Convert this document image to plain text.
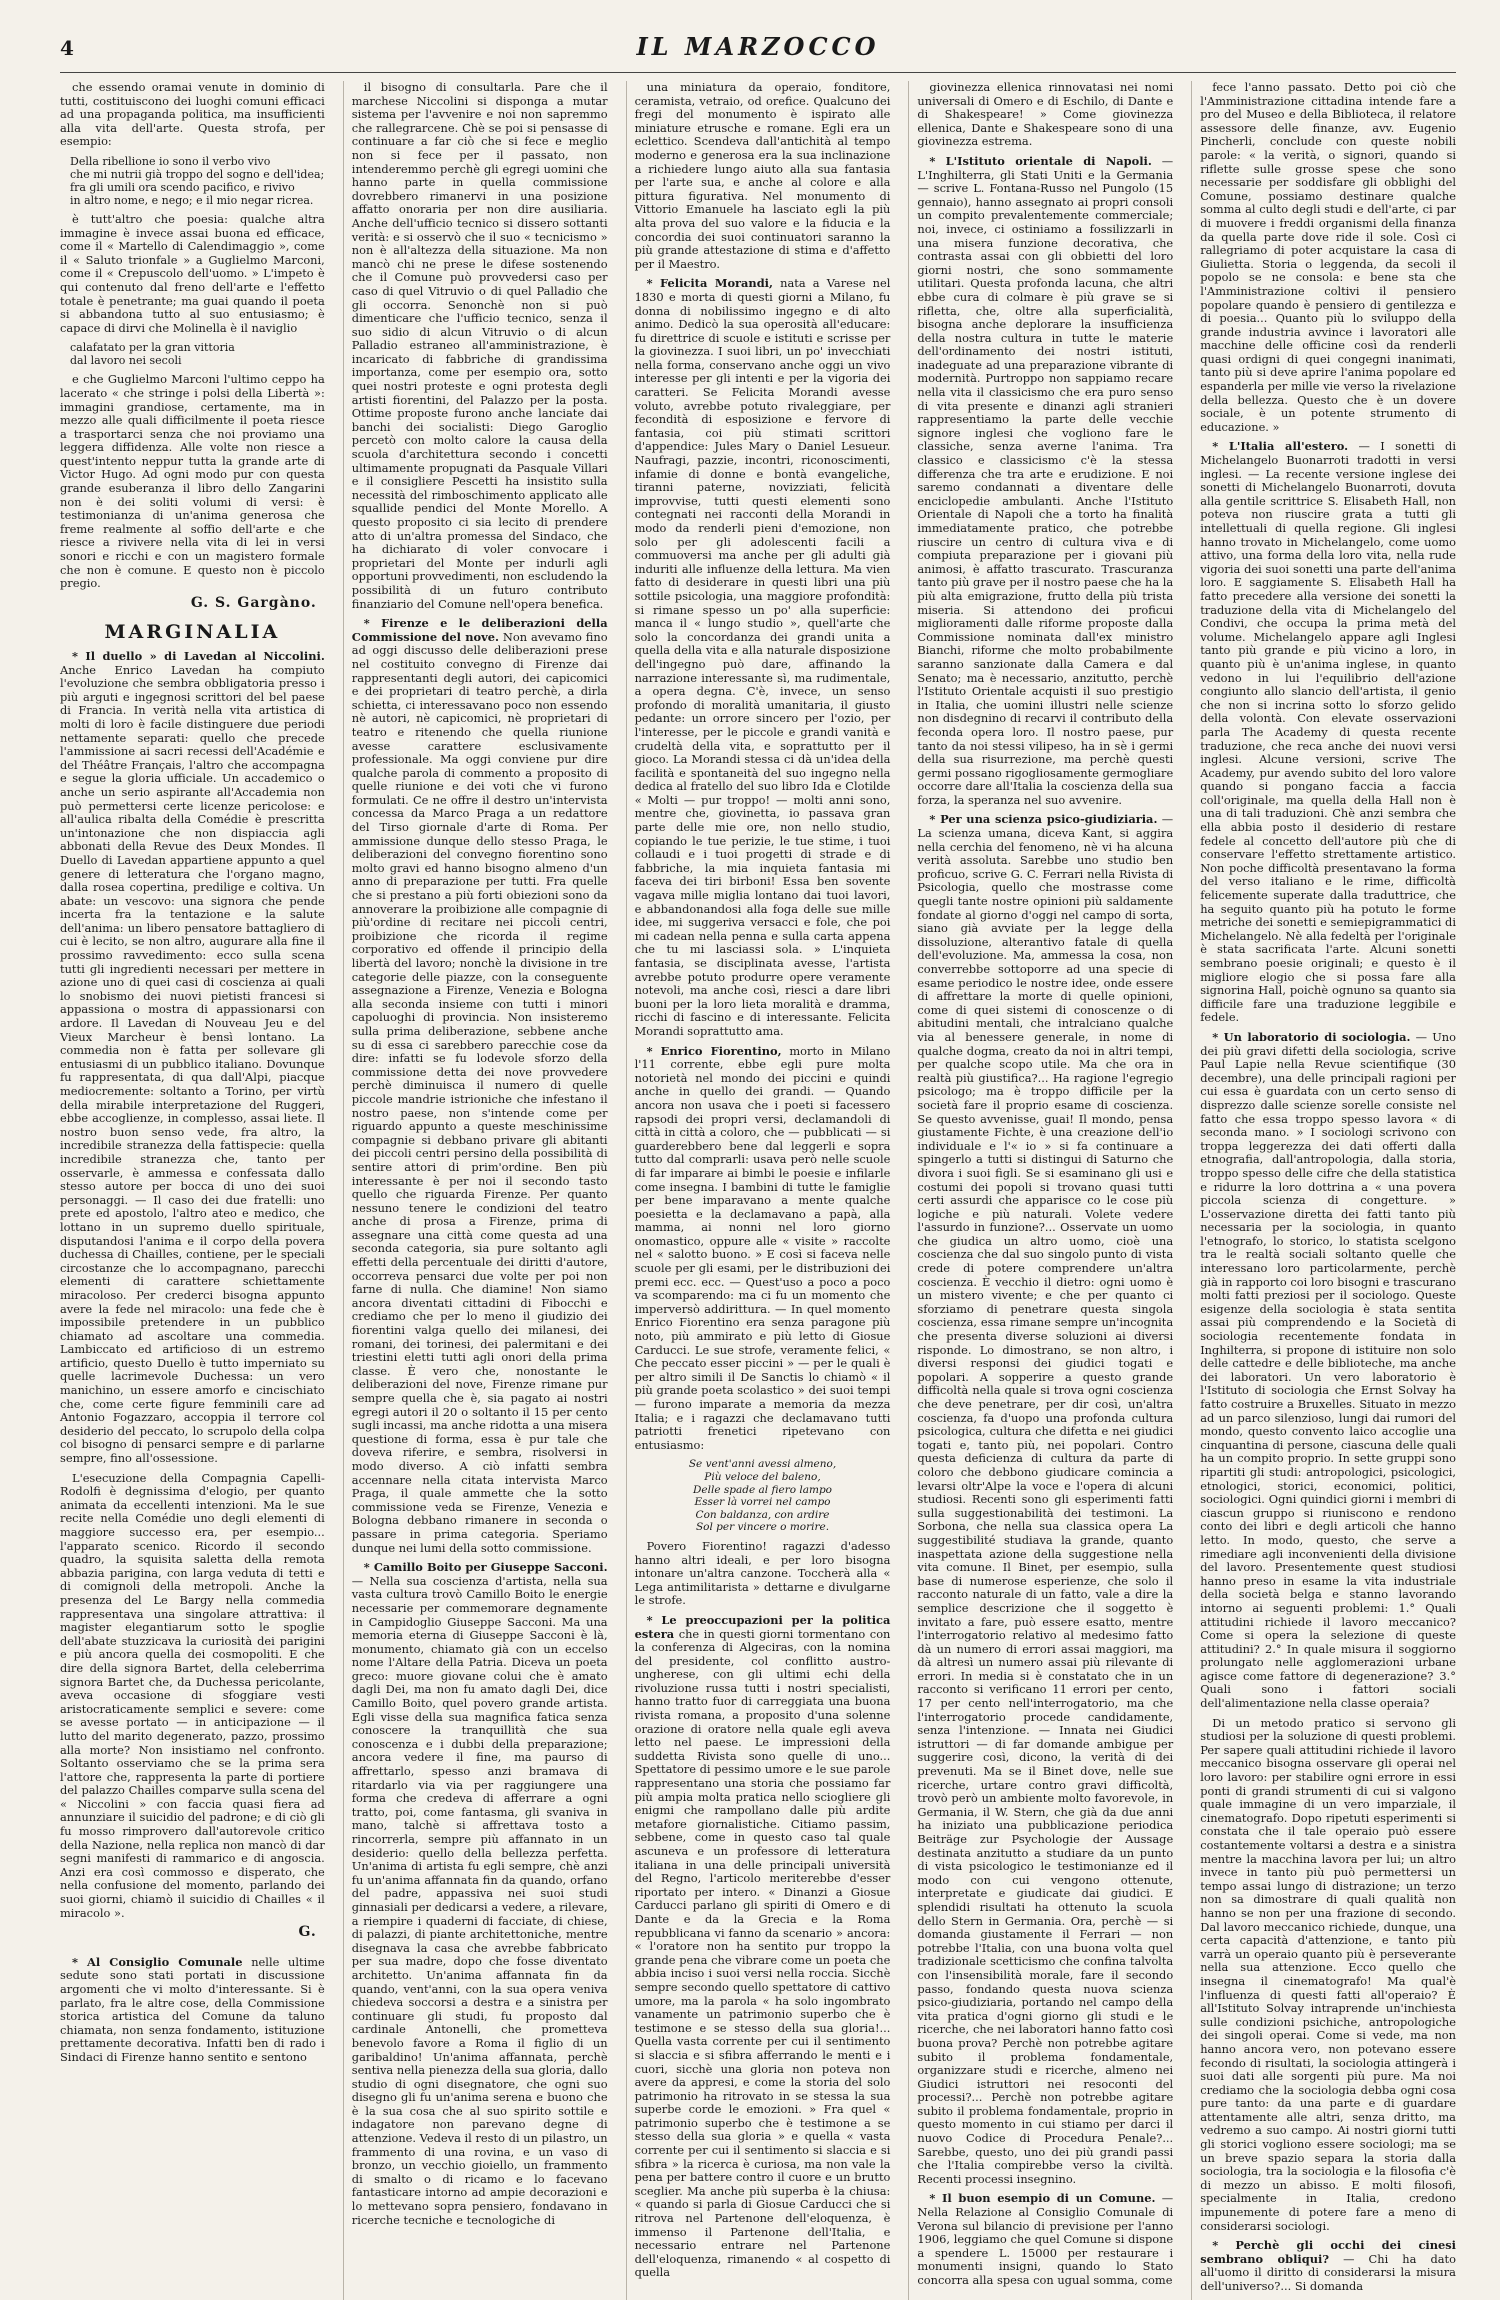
4	IL MARZOCCO

che essendo oramai venute in dominio di tutti, costituiscono dei luoghi comuni efficaci ad una propaganda politica, ma insufficienti alla vita dell'arte. Questa strofa, per esempio:

Della ribellione io sono il verbo vivo
che mi nutrii già troppo del sogno e dell'idea;
fra gli umili ora scendo pacifico, e rivivo
in altro nome, e nego; e il mio negar ricrea.

è tutt'altro che poesia: qualche altra immagine è invece assai buona ed efficace, come il « Martello di Calendimaggio », come il « Saluto trionfale » a Guglielmo Marconi, come il « Crepuscolo dell'uomo. » L'impeto è qui contenuto dal freno dell'arte e l'effetto totale è penetrante; ma guai quando il poeta si abbandona tutto al suo entusiasmo; è capace di dirvi che Molinella è il naviglio

calafatato per la gran vittoria
dal lavoro nei secoli

e che Guglielmo Marconi l'ultimo ceppo ha lacerato « che stringe i polsi della Libertà »: immagini grandiose, certamente, ma in mezzo alle quali difficilmente il poeta riesce a trasportarci senza che noi proviamo una leggera diffidenza. Alle volte non riesce a quest'intento neppur tutta la grande arte di Victor Hugo. Ad ogni modo pur con questa grande esuberanza il libro dello Zangarini non è dei soliti volumi di versi: è testimonianza di un'anima generosa che freme realmente al soffio dell'arte e che riesce a rivivere nella vita di lei in versi sonori e ricchi e con un magistero formale che non è comune. E questo non è piccolo pregio.

G. S. Gargàno.
MARGINALIA

* Il duello » di Lavedan al Niccolini. Anche Enrico Lavedan ha compiuto l'evoluzione che sembra obbligatoria presso i più arguti e ingegnosi scrittori del bel paese di Francia. In verità nella vita artistica di molti di loro è facile distinguere due periodi nettamente separati: quello che precede l'ammissione ai sacri recessi dell'Académie e del Théâtre Français, l'altro che accompagna e segue la gloria ufficiale. Un accademico o anche un serio aspirante all'Accademia non può permettersi certe licenze pericolose: e all'aulica ribalta della Comédie è prescritta un'intonazione che non dispiaccia agli abbonati della Revue des Deux Mondes. Il Duello di Lavedan appartiene appunto a quel genere di letteratura che l'organo magno, dalla rosea copertina, predilige e coltiva. Un abate: un vescovo: una signora che pende incerta fra la tentazione e la salute dell'anima: un libero pensatore battagliero di cui è lecito, se non altro, augurare alla fine il prossimo ravvedimento: ecco sulla scena tutti gli ingredienti necessari per mettere in azione uno di quei casi di coscienza ai quali lo snobismo dei nuovi pietisti francesi si appassiona o mostra di appassionarsi con ardore. Il Lavedan di Nouveau Jeu e del Vieux Marcheur è bensì lontano. La commedia non è fatta per sollevare gli entusiasmi di un pubblico italiano. Dovunque fu rappresentata, di qua dall'Alpi, piacque mediocremente: soltanto a Torino, per virtù della mirabile interpretazione del Ruggeri, ebbe accoglienze, in complesso, assai liete. Il nostro buon senso vede, fra altro, la incredibile stranezza della fattispecie: quella incredibile stranezza che, tanto per osservarle, è ammessa e confessata dallo stesso autore per bocca di uno dei suoi personaggi. — Il caso dei due fratelli: uno prete ed apostolo, l'altro ateo e medico, che lottano in un supremo duello spirituale, disputandosi l'anima e il corpo della povera duchessa di Chailles, contiene, per le speciali circostanze che lo accompagnano, parecchi elementi di carattere schiettamente miracoloso. Per crederci bisogna appunto avere la fede nel miracolo: una fede che è impossibile pretendere in un pubblico chiamato ad ascoltare una commedia. Lambiccato ed artificioso di un estremo artificio, questo Duello è tutto imperniato su quelle lacrimevole Duchessa: un vero manichino, un essere amorfo e cincischiato che, come certe figure femminili care ad Antonio Fogazzaro, accoppia il terrore col desiderio del peccato, lo scrupolo della colpa col bisogno di pensarci sempre e di parlarne sempre, fino all'ossessione.

L'esecuzione della Compagnia Capelli-Rodolfi è degnissima d'elogio, per quanto animata da eccellenti intenzioni. Ma le sue recite nella Comédie uno degli elementi di maggiore successo era, per esempio... l'apparato scenico. Ricordo il secondo quadro, la squisita saletta della remota abbazia parigina, con larga veduta di tetti e di comignoli della metropoli. Anche la presenza del Le Bargy nella commedia rappresentava una singolare attrattiva: il magister elegantiarum sotto le spoglie dell'abate stuzzicava la curiosità dei parigini e più ancora quella dei cosmopoliti. E che dire della signora Bartet, della celeberrima signora Bartet che, da Duchessa pericolante, aveva occasione di sfoggiare vesti aristocraticamente semplici e severe: come se avesse portato — in anticipazione — il lutto del marito degenerato, pazzo, prossimo alla morte? Non insistiamo nel confronto. Soltanto osserviamo che se la prima sera l'attore che, rappresenta la parte di portiere del palazzo Chailles comparve sulla scena del « Niccolini » con faccia quasi fiera ad annunziare il suicidio del padrone; e di ciò gli fu mosso rimprovero dall'autorevole critico della Nazione, nella replica non mancò di dar segni manifesti di rammarico e di angoscia. Anzi era così commosso e disperato, che nella confusione del momento, parlando dei suoi giorni, chiamò il suicidio di Chailles « il miracolo ».

G.

* Al Consiglio Comunale nelle ultime sedute sono stati portati in discussione argomenti che vi molto d'interessante. Si è parlato, fra le altre cose, della Commissione storica artistica del Comune da taluno chiamata, non senza fondamento, istituzione prettamente decorativa. Infatti ben di rado i Sindaci di Firenze hanno sentito e sentono

il bisogno di consultarla. Pare che il marchese Niccolini si disponga a mutar sistema per l'avvenire e noi non sapremmo che rallegrarcene. Chè se poi si pensasse di continuare a far ciò che si fece e meglio non si fece per il passato, non intenderemmo perchè gli egregi uomini che hanno parte in quella commissione dovrebbero rimanervi in una posizione affatto onoraria per non dire ausiliaria. Anche dell'ufficio tecnico si dissero sottanti verità: e si osservò che il suo « tecnicismo » non è all'altezza della situazione. Ma non mancò chi ne prese le difese sostenendo che il Comune può provvedersi caso per caso di quel Vitruvio o di quel Palladio che gli occorra. Senonchè non si può dimenticare che l'ufficio tecnico, senza il suo sidio di alcun Vitruvio o di alcun Palladio estraneo all'amministrazione, è incaricato di fabbriche di grandissima importanza, come per esempio ora, sotto quei nostri proteste e ogni protesta degli artisti fiorentini, del Palazzo per la posta. Ottime proposte furono anche lanciate dai banchi dei socialisti: Diego Garoglio percetò con molto calore la causa della scuola d'architettura secondo i concetti ultimamente propugnati da Pasquale Villari e il consigliere Pescetti ha insistito sulla necessità del rimboschimento applicato alle squallide pendici del Monte Morello. A questo proposito ci sia lecito di prendere atto di un'altra promessa del Sindaco, che ha dichiarato di voler convocare i proprietari del Monte per indurli agli opportuni provvedimenti, non escludendo la possibilità di un futuro contributo finanziario del Comune nell'opera benefica.

* Firenze e le deliberazioni della Commissione del nove. Non avevamo fino ad oggi discusso delle deliberazioni prese nel costituito convegno di Firenze dai rappresentanti degli autori, dei capicomici e dei proprietari di teatro perchè, a dirla schietta, ci interessavano poco non essendo nè autori, nè capicomici, nè proprietari di teatro e ritenendo che quella riunione avesse carattere esclusivamente professionale. Ma oggi conviene pur dire qualche parola di commento a proposito di quelle riunione e dei voti che vi furono formulati. Ce ne offre il destro un'intervista concessa da Marco Praga a un redattore del Tirso giornale d'arte di Roma. Per ammissione dunque dello stesso Praga, le deliberazioni del convegno fiorentino sono molto gravi ed hanno bisogno almeno d'un anno di preparazione per tutti. Fra quelle che si prestano a più forti obiezioni sono da annoverare la proibizione alle compagnie di più'ordine di recitare nei piccoli centri, proibizione che ricorda il regime corporativo ed offende il principio della libertà del lavoro; nonchè la divisione in tre categorie delle piazze, con la conseguente assegnazione a Firenze, Venezia e Bologna alla seconda insieme con tutti i minori capoluoghi di provincia. Non insisteremo sulla prima deliberazione, sebbene anche su di essa ci sarebbero parecchie cose da dire: infatti se fu lodevole sforzo della commissione detta dei nove provvedere perchè diminuisca il numero di quelle piccole mandrie istrioniche che infestano il nostro paese, non s'intende come per riguardo appunto a queste meschinissime compagnie si debbano privare gli abitanti dei piccoli centri persino della possibilità di sentire attori di prim'ordine. Ben più interessante è per noi il secondo tasto quello che riguarda Firenze. Per quanto nessuno tenere le condizioni del teatro anche di prosa a Firenze, prima di assegnare una città come questa ad una seconda categoria, sia pure soltanto agli effetti della percentuale dei diritti d'autore, occorreva pensarci due volte per poi non farne di nulla. Che diamine! Non siamo ancora diventati cittadini di Fibocchi e crediamo che per lo meno il giudizio dei fiorentini valga quello dei milanesi, dei romani, dei torinesi, dei palermitani e dei triestini eletti tutti agli onori della prima classe. È vero che, nonostante le deliberazioni del nove, Firenze rimane pur sempre quella che è, sia pagato ai nostri egregi autori il 20 o soltanto il 15 per cento sugli incassi, ma anche ridotta a una misera questione di forma, essa è pur tale che doveva riferire, e sembra, risolversi in modo diverso. A ciò infatti sembra accennare nella citata intervista Marco Praga, il quale ammette che la sotto commissione veda se Firenze, Venezia e Bologna debbano rimanere in seconda o passare in prima categoria. Speriamo dunque nei lumi della sotto commissione.

* Camillo Boito per Giuseppe Sacconi. — Nella sua coscienza d'artista, nella sua vasta cultura trovò Camillo Boito le energie necessarie per commemorare degnamente in Campidoglio Giuseppe Sacconi. Ma una memoria eterna di Giuseppe Sacconi è là, monumento, chiamato già con un eccelso nome l'Altare della Patria. Diceva un poeta greco: muore giovane colui che è amato dagli Dei, ma non fu amato dagli Dei, dice Camillo Boito, quel povero grande artista. Egli visse della sua magnifica fatica senza conoscere la tranquillità che sua conoscenza e i dubbi della preparazione; ancora vedere il fine, ma paurso di affrettarlo, spesso anzi bramava di ritardarlo via via per raggiungere una forma che credeva di afferrare a ogni tratto, poi, come fantasma, gli svaniva in mano, talchè si affrettava tosto a rincorrerla, sempre più affannato in un desiderio: quello della bellezza perfetta. Un'anima di artista fu egli sempre, chè anzi fu un'anima affannata fin da quando, orfano del padre, appassiva nei suoi studi ginnasiali per dedicarsi a vedere, a rilevare, a riempire i quaderni di facciate, di chiese, di palazzi, di piante architettoniche, mentre disegnava la casa che avrebbe fabbricato per sua madre, dopo che fosse diventato architetto. Un'anima affannata fin da quando, vent'anni, con la sua opera veniva chiedeva soccorsi a destra e a sinistra per continuare gli studi, fu proposto dal cardinale Antonelli, che prometteva benevolo favore a Roma il figlio di un garibaldino! Un'anima affannata, perchè sentiva nella pienezza della sua gloria, dallo studio di ogni disegnatore, che ogni suo disegno gli fu un'anima serena e buono che è la sua cosa che al suo spirito sottile e indagatore non parevano degne di attenzione. Vedeva il resto di un pilastro, un frammento di una rovina, e un vaso di bronzo, un vecchio gioiello, un frammento di smalto o di ricamo e lo facevano fantasticare intorno ad ampie decorazioni e lo mettevano sopra pensiero, fondavano in ricerche tecniche e tecnologiche di

una miniatura da operaio, fonditore, ceramista, vetraio, od orefice. Qualcuno dei fregi del monumento è ispirato alle miniature etrusche e romane. Egli era un eclettico. Scendeva dall'antichità al tempo moderno e generosa era la sua inclinazione a richiedere lungo aiuto alla sua fantasia per l'arte sua, e anche al colore e alla pittura figurativa. Nel monumento di Vittorio Emanuele ha lasciato egli la più alta prova del suo valore e la fiducia e la concordia dei suoi continuatori saranno la più grande attestazione di stima e d'affetto per il Maestro.

* Felicita Morandi, nata a Varese nel 1830 e morta di questi giorni a Milano, fu donna di nobilissimo ingegno e di alto animo. Dedicò la sua operosità all'educare: fu direttrice di scuole e istituti e scrisse per la giovinezza. I suoi libri, un po' invecchiati nella forma, conservano anche oggi un vivo interesse per gli intenti e per la vigoria dei caratteri. Se Felicita Morandi avesse voluto, avrebbe potuto rivaleggiare, per fecondità di esposizione e fervore di fantasia, coi più stimati scrittori d'appendice: Jules Mary o Daniel Lesueur. Naufragi, pazzie, incontri, riconoscimenti, infamie di donne e bontà evangeliche, tiranni paterne, novizziati, felicità improvvise, tutti questi elementi sono contegnati nei racconti della Morandi in modo da renderli pieni d'emozione, non solo per gli adolescenti facili a commuoversi ma anche per gli adulti già induriti alle influenze della lettura. Ma vien fatto di desiderare in questi libri una più sottile psicologia, una maggiore profondità: si rimane spesso un po' alla superficie: manca il « lungo studio », quell'arte che solo la concordanza dei grandi unita a quella della vita e alla naturale disposizione dell'ingegno può dare, affinando la narrazione interessante sì, ma rudimentale, a opera degna. C'è, invece, un senso profondo di moralità umanitaria, il giusto pedante: un orrore sincero per l'ozio, per l'interesse, per le piccole e grandi vanità e crudeltà della vita, e soprattutto per il gioco. La Morandi stessa ci dà un'idea della facilità e spontaneità del suo ingegno nella dedica al fratello del suo libro Ida e Clotilde « Molti — pur troppo! — molti anni sono, mentre che, giovinetta, io passava gran parte delle mie ore, non nello studio, copiando le tue perizie, le tue stime, i tuoi collaudi e i tuoi progetti di strade e di fabbriche, la mia inquieta fantasia mi faceva dei tiri birboni! Essa ben sovente vagava mille miglia lontano dai tuoi lavori, e abbandonandosi alla foga delle sue mille idee, mi suggeriva versacci e fole, che poi mi cadean nella penna e sulla carta appena che tu mi lasciassi sola. » L'inquieta fantasia, se disciplinata avesse, l'artista avrebbe potuto produrre opere veramente notevoli, ma anche così, riesci a dare libri buoni per la loro lieta moralità e dramma, ricchi di fascino e di interessante. Felicita Morandi soprattutto ama.

* Enrico Fiorentino, morto in Milano l'11 corrente, ebbe egli pure molta notorietà nel mondo dei piccini e quindi anche in quello dei grandi. — Quando ancora non usava che i poeti si facessero rapsodi dei propri versi, declamandoli di città in città a coloro, che — pubblicati — si guarderebbero bene dal leggerli e sopra tutto dal comprarli: usava però nelle scuole di far imparare ai bimbi le poesie e infilarle come insegna. I bambini di tutte le famiglie per bene imparavano a mente qualche poesietta e la declamavano a papà, alla mamma, ai nonni nel loro giorno onomastico, oppure alle « visite » raccolte nel « salotto buono. » E così si faceva nelle scuole per gli esami, per le distribuzioni dei premi ecc. ecc. — Quest'uso a poco a poco va scomparendo: ma ci fu un momento che imperversò addirittura. — In quel momento Enrico Fiorentino era senza paragone più noto, più ammirato e più letto di Giosue Carducci. Le sue strofe, veramente felici, « Che peccato esser piccini » — per le quali è per altro simili il De Sanctis lo chiamò « il più grande poeta scolastico » dei suoi tempi — furono imparate a memoria da mezza Italia; e i ragazzi che declamavano tutti patriotti frenetici ripetevano con entusiasmo:

Se vent'anni avessi almeno,
Più veloce del baleno,
Delle spade al fiero lampo
Esser là vorrei nel campo
Con baldanza, con ardire
Sol per vincere o morire.

Povero Fiorentino! ragazzi d'adesso hanno altri ideali, e per loro bisogna intonare un'altra canzone. Toccherà alla « Lega antimilitarista » dettarne e divulgarne le strofe.

* Le preoccupazioni per la politica estera che in questi giorni tormentano con la conferenza di Algeciras, con la nomina del presidente, col conflitto austro-ungherese, con gli ultimi echi della rivoluzione russa tutti i nostri specialisti, hanno tratto fuor di carreggiata una buona rivista romana, a proposito d'una solenne orazione di oratore nella quale egli aveva letto nel paese. Le impressioni della suddetta Rivista sono quelle di uno... Spettatore di pessimo umore e le sue parole rappresentano una storia che possiamo far più ampia molta pratica nello sciogliere gli enigmi che rampollano dalle più ardite metafore giornalistiche. Citiamo passim, sebbene, come in questo caso tal quale ascuneva e un professore di letteratura italiana in una delle principali università del Regno, l'articolo meriterebbe d'esser riportato per intero. « Dinanzi a Giosue Carducci parlano gli spiriti di Omero e di Dante e da la Grecia e la Roma repubblicana vi fanno da scenario » ancora: « l'oratore non ha sentito pur troppo la grande pena che vibrare come un poeta che abbia inciso i suoi versi nella roccia. Sicchè sempre secondo quello spettatore di cattivo umore, ma la parola « ha solo ingombrato vanamente un patrimonio superbo che è testimone e se stesso della sua gloria!... Quella vasta corrente per cui il sentimento si slaccia e si sfibra afferrando le menti e i cuori, sicchè una gloria non poteva non avere da appresi, e come la storia del solo patrimonio ha ritrovato in se stessa la sua superbe corde le emozioni. » Fra quel « patrimonio superbo che è testimone a se stesso della sua gloria » e quella « vasta corrente per cui il sentimento si slaccia e si sfibra » la ricerca è curiosa, ma non vale la pena per battere contro il cuore e un brutto sceglier. Ma anche più superba è la chiusa: « quando si parla di Giosue Carducci che si ritrova nel Partenone dell'eloquenza, è immenso il Partenone dell'Italia, e necessario entrare nel Partenone dell'eloquenza, rimanendo « al cospetto di quella

giovinezza ellenica rinnovatasi nei nomi universali di Omero e di Eschilo, di Dante e di Shakespeare! » Come giovinezza ellenica, Dante e Shakespeare sono di una giovinezza estrema.

* L'Istituto orientale di Napoli. — L'Inghilterra, gli Stati Uniti e la Germania — scrive L. Fontana-Russo nel Pungolo (15 gennaio), hanno assegnato ai propri consoli un compito prevalentemente commerciale; noi, invece, ci ostiniamo a fossilizzarli in una misera funzione decorativa, che contrasta assai con gli obbietti del loro giorni nostri, che sono sommamente utilitari. Questa profonda lacuna, che altri ebbe cura di colmare è più grave se si rifletta, che, oltre alla superficialità, bisogna anche deplorare la insufficienza della nostra cultura in tutte le materie dell'ordinamento dei nostri istituti, inadeguate ad una preparazione vibrante di modernità. Purtroppo non sappiamo recare nella vita il classicismo che era puro senso di vita presente e dinanzi agli stranieri rappresentiamo la parte delle vecchie signore inglesi che vogliono fare le classiche, senza averne l'anima. Tra classico e classicismo c'è la stessa differenza che tra arte e erudizione. E noi saremo condannati a diventare delle enciclopedie ambulanti. Anche l'Istituto Orientale di Napoli che a torto ha finalità immediatamente pratico, che potrebbe riuscire un centro di cultura viva e di compiuta preparazione per i giovani più animosi, è affatto trascurato. Trascuranza tanto più grave per il nostro paese che ha la più alta emigrazione, frutto della più trista miseria. Si attendono dei proficui miglioramenti dalle riforme proposte dalla Commissione nominata dall'ex ministro Bianchi, riforme che molto probabilmente saranno sanzionate dalla Camera e dal Senato; ma è necessario, anzitutto, perchè l'Istituto Orientale acquisti il suo prestigio in Italia, che uomini illustri nelle scienze non disdegnino di recarvi il contributo della feconda opera loro. Il nostro paese, pur tanto da noi stessi vilipeso, ha in sè i germi della sua risurrezione, ma perchè questi germi possano rigogliosamente germogliare occorre dare all'Italia la coscienza della sua forza, la speranza nel suo avvenire.

* Per una scienza psico-giudiziaria. — La scienza umana, diceva Kant, si aggira nella cerchia del fenomeno, nè vi ha alcuna verità assoluta. Sarebbe uno studio ben proficuo, scrive G. C. Ferrari nella Rivista di Psicologia, quello che mostrasse come quegli tante nostre opinioni più saldamente fondate al giorno d'oggi nel campo di sorta, siano già avviate per la legge della dissoluzione, alterantivo fatale di quella dell'evoluzione. Ma, ammessa la cosa, non converrebbe sottoporre ad una specie di esame periodico le nostre idee, onde essere di affrettare la morte di quelle opinioni, come di quei sistemi di conoscenze o di abitudini mentali, che intralciano qualche via al benessere generale, in nome di qualche dogma, creato da noi in altri tempi, per qualche scopo utile. Ma che ora in realtà più giustifica?... Ha ragione l'egregio psicologo; ma è troppo difficile per la società fare il proprio esame di coscienza. Se questo avvenisse, guai! Il mondo, pensa giustamente Fichte, è una creazione dell'io individuale e l'« io » si fa continuare a spingerlo a tutti si distingui di Saturno che divora i suoi figli. Se si esaminano gli usi e costumi dei popoli si trovano quasi tutti certi assurdi che apparisce co le cose più logiche e più naturali. Volete vedere l'assurdo in funzione?... Osservate un uomo che giudica un altro uomo, cioè una coscienza che dal suo singolo punto di vista crede di potere comprendere un'altra coscienza. È vecchio il dietro: ogni uomo è un mistero vivente; e che per quanto ci sforziamo di penetrare questa singola coscienza, essa rimane sempre un'incognita che presenta diverse soluzioni ai diversi risponde. Lo dimostrano, se non altro, i diversi responsi dei giudici togati e popolari. A sopperire a questo grande difficoltà nella quale si trova ogni coscienza che deve penetrare, per dir così, un'altra coscienza, fa d'uopo una profonda cultura psicologica, cultura che difetta e nei giudici togati e, tanto più, nei popolari. Contro questa deficienza di cultura da parte di coloro che debbono giudicare comincia a levarsi oltr'Alpe la voce e l'opera di alcuni studiosi. Recenti sono gli esperimenti fatti sulla suggestionabilità dei testimoni. La Sorbona, che nella sua classica opera La suggestibilité studiava la grande, quanto inaspettata azione della suggestione nella vita comune. Il Binet, per esempio, sulla base di numerose esperienze, che solo il racconto naturale di un fatto, vale a dire la semplice descrizione che il soggetto è invitato a fare, può essere esatto, mentre l'interrogatorio relativo al medesimo fatto dà un numero di errori assai maggiori, ma dà altresì un numero assai più rilevante di errori. In media si è constatato che in un racconto si verificano 11 errori per cento, 17 per cento nell'interrogatorio, ma che l'interrogatorio procede candidamente, senza l'intenzione. — Innata nei Giudici istruttori — di far domande ambigue per suggerire così, dicono, la verità di dei prevenuti. Ma se il Binet dove, nelle sue ricerche, urtare contro gravi difficoltà, trovò però un ambiente molto favorevole, in Germania, il W. Stern, che già da due anni ha iniziato una pubblicazione periodica Beiträge zur Psychologie der Aussage destinata anzitutto a studiare da un punto di vista psicologico le testimonianze ed il modo con cui vengono ottenute, interpretate e giudicate dai giudici. E splendidi risultati ha ottenuto la scuola dello Stern in Germania. Ora, perchè — si domanda giustamente il Ferrari — non potrebbe l'Italia, con una buona volta quel tradizionale scetticismo che confina talvolta con l'insensibilità morale, fare il secondo passo, fondando questa nuova scienza psico-giudiziaria, portando nel campo della vita pratica d'ogni giorno gli studi e le ricerche, che nei laboratori hanno fatto così buona prova? Perchè non potrebbe agitare subito il problema fondamentale, organizzare studi e ricerche, almeno nei Giudici istruttori nei resoconti del processi?... Perchè non potrebbe agitare subito il problema fondamentale, proprio in questo momento in cui stiamo per darci il nuovo Codice di Procedura Penale?... Sarebbe, questo, uno dei più grandi passi che l'Italia compirebbe verso la civiltà. Recenti processi insegnino.

* Il buon esempio di un Comune. — Nella Relazione al Consiglio Comunale di Verona sul bilancio di previsione per l'anno 1906, leggiamo che quel Comune si dispone a spendere L. 15000 per restaurare i monumenti insigni, quando lo Stato concorra alla spesa con ugual somma, come

fece l'anno passato. Detto poi ciò che l'Amministrazione cittadina intende fare a pro del Museo e della Biblioteca, il relatore assessore delle finanze, avv. Eugenio Pincherli, conclude con queste nobili parole: « la verità, o signori, quando si riflette sulle grosse spese che sono necessarie per soddisfare gli obblighi del Comune, possiamo destinare qualche somma al culto degli studi e dell'arte, ci par di muovere i freddi organismi della finanza da quella parte dove ride il sole. Così ci rallegriamo di poter acquistare la casa di Giulietta. Storia o leggenda, da secoli il popolo se ne consola: e bene sta che l'Amministrazione coltivi il pensiero popolare quando è pensiero di gentilezza e di poesia... Quanto più lo sviluppo della grande industria avvince i lavoratori alle macchine delle officine così da renderli quasi ordigni di quei congegni inanimati, tanto più si deve aprire l'anima popolare ed espanderla per mille vie verso la rivelazione della bellezza. Questo che è un dovere sociale, è un potente strumento di educazione. »

* L'Italia all'estero. — I sonetti di Michelangelo Buonarroti tradotti in versi inglesi. — La recente versione inglese dei sonetti di Michelangelo Buonarroti, dovuta alla gentile scrittrice S. Elisabeth Hall, non poteva non riuscire grata a tutti gli intellettuali di quella regione. Gli inglesi hanno trovato in Michelangelo, come uomo attivo, una forma della loro vita, nella rude vigoria dei suoi sonetti una parte dell'anima loro. E saggiamente S. Elisabeth Hall ha fatto precedere alla versione dei sonetti la traduzione della vita di Michelangelo del Condivi, che occupa la prima metà del volume. Michelangelo appare agli Inglesi tanto più grande e più vicino a loro, in quanto più è un'anima inglese, in quanto vedono in lui l'equilibrio dell'azione congiunto allo slancio dell'artista, il genio che non si incrina sotto lo sforzo gelido della volontà. Con elevate osservazioni parla The Academy di questa recente traduzione, che reca anche dei nuovi versi inglesi. Alcune versioni, scrive The Academy, pur avendo subito del loro valore quando si pongano faccia a faccia coll'originale, ma quella della Hall non è una di tali traduzioni. Chè anzi sembra che ella abbia posto il desiderio di restare fedele al concetto dell'autore più che di conservare l'effetto strettamente artistico. Non poche difficoltà presentavano la forma del verso italiano e le rime, difficoltà felicemente superate dalla traduttrice, che ha seguito quanto più ha potuto le forme metriche dei sonetti e semiepigrammatici di Michelangelo. Nè alla fedeltà per l'originale è stata sacrificata l'arte. Alcuni sonetti sembrano poesie originali; e questo è il migliore elogio che si possa fare alla signorina Hall, poichè ognuno sa quanto sia difficile fare una traduzione leggibile e fedele.

* Un laboratorio di sociologia. — Uno dei più gravi difetti della sociologia, scrive Paul Lapie nella Revue scientifique (30 decembre), una delle principali ragioni per cui essa è guardata con un certo senso di disprezzo dalle scienze sorelle consiste nel fatto che essa troppo spesso lavora « di seconda mano. » I sociologi scrivono con troppa leggerezza dei dati offerti dalla etnografia, dall'antropologia, dalla storia, troppo spesso delle cifre che della statistica e ridurre la loro dottrina a « una povera piccola scienza di congetture. » L'osservazione diretta dei fatti tanto più necessaria per la sociologia, in quanto l'etnografo, lo storico, lo statista scelgono tra le realtà sociali soltanto quelle che interessano loro particolarmente, perchè già in rapporto coi loro bisogni e trascurano molti fatti preziosi per il sociologo. Queste esigenze della sociologia è stata sentita assai più comprendendo e la Società di sociologia recentemente fondata in Inghilterra, si propone di istituire non solo delle cattedre e delle biblioteche, ma anche dei laboratori. Un vero laboratorio è l'Istituto di sociologia che Ernst Solvay ha fatto costruire a Bruxelles. Situato in mezzo ad un parco silenzioso, lungi dai rumori del mondo, questo convento laico accoglie una cinquantina di persone, ciascuna delle quali ha un compito proprio. In sette gruppi sono ripartiti gli studi: antropologici, psicologici, etnologici, storici, economici, politici, sociologici. Ogni quindici giorni i membri di ciascun gruppo si riuniscono e rendono conto dei libri e degli articoli che hanno letto. In modo, questo, che serve a rimediare agli inconvenienti della divisione del lavoro. Presentemente quest studiosi hanno preso in esame la vita industriale della società belga e stanno lavorando intorno ai seguenti problemi: 1.° Quali attitudini richiede il lavoro meccanico? Come si opera la selezione di queste attitudini? 2.° In quale misura il soggiorno prolungato nelle agglomerazioni urbane agisce come fattore di degenerazione? 3.° Quali sono i fattori sociali dell'alimentazione nella classe operaia?

Di un metodo pratico si servono gli studiosi per la soluzione di questi problemi. Per sapere quali attitudini richiede il lavoro meccanico bisogna osservare gli operai nel loro lavoro: per stabilire ogni errore in essi ponti di grandi strumenti di cui si valgono quale immagine di un vero imparziale, il cinematografo. Dopo ripetuti esperimenti si constata che il tale operaio può essere costantemente voltarsi a destra e a sinistra mentre la macchina lavora per lui; un altro invece in tanto più può permettersi un tempo assai lungo di distrazione; un terzo non sa dimostrare di quali qualità non hanno se non per una frazione di secondo. Dal lavoro meccanico richiede, dunque, una certa capacità d'attenzione, e tanto più varrà un operaio quanto più è perseverante nella sua attenzione. Ecco quello che insegna il cinematografo! Ma qual'è l'influenza di questi fatti all'operaio? È all'Istituto Solvay intraprende un'inchiesta sulle condizioni psichiche, antropologiche dei singoli operai. Come si vede, ma non hanno ancora vero, non potevano essere fecondo di risultati, la sociologia attingerà i suoi dati alle sorgenti più pure. Ma noi crediamo che la sociologia debba ogni cosa pure tanto: da una parte e di guardare attentamente alle altri, senza dritto, ma vedremo a suo campo. Ai nostri giorni tutti gli storici vogliono essere sociologi; ma se un breve spazio separa la storia dalla sociologia, tra la sociologia e la filosofia c'è di mezzo un abisso. E molti filosofi, specialmente in Italia, credono impunemente di potere fare a meno di considerarsi sociologi.

* Perchè gli occhi dei cinesi sembrano obliqui? — Chi ha dato all'uomo il diritto di considerarsi la misura dell'universo?... Si domanda
